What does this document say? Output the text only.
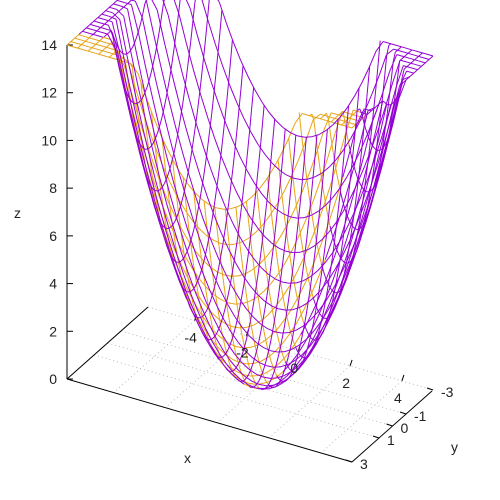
z
x
y
0
2
4
6
8
10
12
14
-4
-2
0
2
4	-3
-1
0
1
3
